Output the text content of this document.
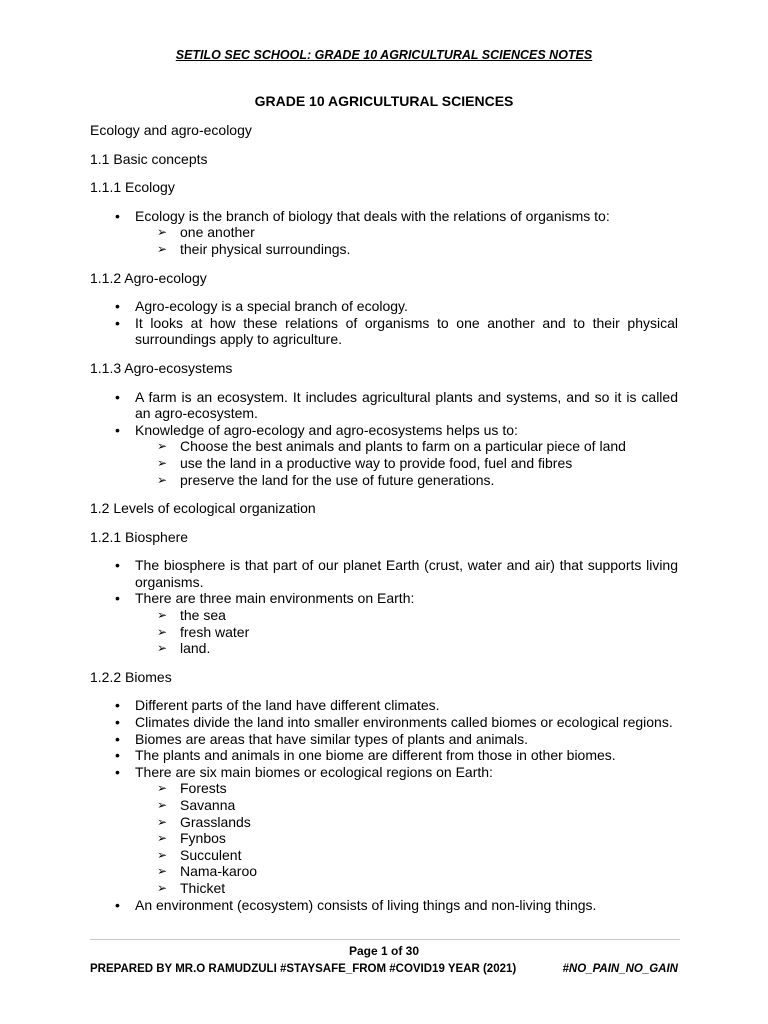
SETILO SEC SCHOOL: GRADE 10 AGRICULTURAL SCIENCES NOTES
GRADE 10 AGRICULTURAL SCIENCES

Ecology and agro-ecology

1.1 Basic concepts

1.1.1 Ecology

• Ecology is the branch of biology that deals with the relations of organisms to:
➢ one another
➢ their physical surroundings.

1.1.2 Agro-ecology

• Agro-ecology is a special branch of ecology.
• It looks at how these relations of organisms to one another and to their physical surroundings apply to agriculture.

1.1.3 Agro-ecosystems

• A farm is an ecosystem. It includes agricultural plants and systems, and so it is called an agro-ecosystem.
• Knowledge of agro-ecology and agro-ecosystems helps us to:
➢ Choose the best animals and plants to farm on a particular piece of land
➢ use the land in a productive way to provide food, fuel and fibres
➢ preserve the land for the use of future generations.

1.2 Levels of ecological organization

1.2.1 Biosphere

• The biosphere is that part of our planet Earth (crust, water and air) that supports living organisms.
• There are three main environments on Earth:
➢ the sea
➢ fresh water
➢ land.

1.2.2 Biomes

• Different parts of the land have different climates.
• Climates divide the land into smaller environments called biomes or ecological regions.
• Biomes are areas that have similar types of plants and animals.
• The plants and animals in one biome are different from those in other biomes.
• There are six main biomes or ecological regions on Earth:
➢ Forests
➢ Savanna
➢ Grasslands
➢ Fynbos
➢ Succulent
➢ Nama-karoo
➢ Thicket
• An environment (ecosystem) consists of living things and non-living things.
Page 1 of 30
PREPARED BY MR.O RAMUDZULI #STAYSAFE_FROM #COVID19 YEAR (2021)	#NO_PAIN_NO_GAIN
